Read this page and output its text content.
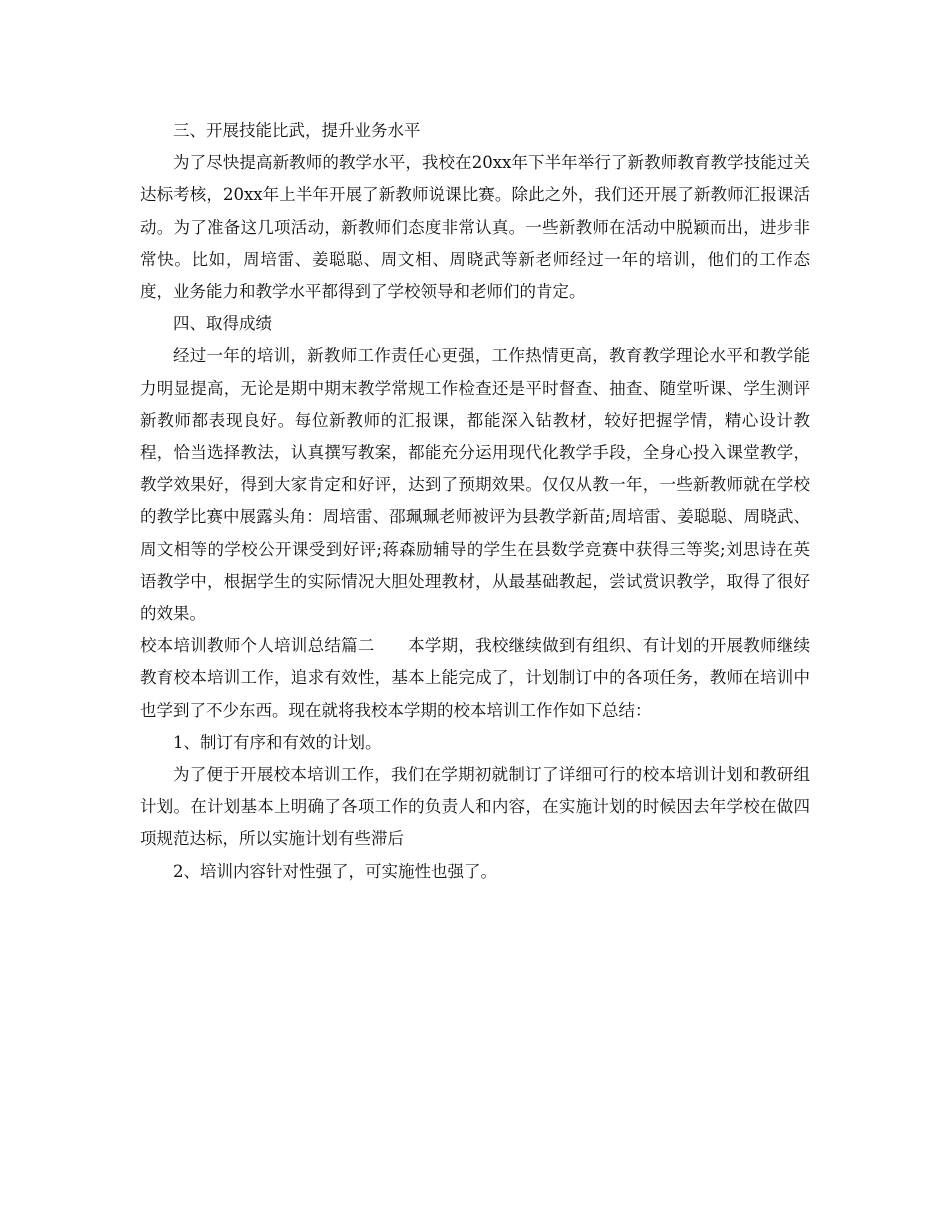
三、开展技能比武，提升业务水平

为了尽快提高新教师的教学水平，我校在20xx年下半年举行了新教师教育教学技能过关达标考核，20xx年上半年开展了新教师说课比赛。除此之外，我们还开展了新教师汇报课活动。为了准备这几项活动，新教师们态度非常认真。一些新教师在活动中脱颖而出，进步非常快。比如，周培雷、姜聪聪、周文相、周晓武等新老师经过一年的培训，他们的工作态度，业务能力和教学水平都得到了学校领导和老师们的肯定。

四、取得成绩

经过一年的培训，新教师工作责任心更强，工作热情更高，教育教学理论水平和教学能力明显提高，无论是期中期末教学常规工作检查还是平时督查、抽查、随堂听课、学生测评新教师都表现良好。每位新教师的汇报课，都能深入钻教材，较好把握学情，精心设计教程，恰当选择教法，认真撰写教案，都能充分运用现代化教学手段，全身心投入课堂教学，教学效果好，得到大家肯定和好评，达到了预期效果。仅仅从教一年，一些新教师就在学校的教学比赛中展露头角：周培雷、邵珮珮老师被评为县教学新苗;周培雷、姜聪聪、周晓武、周文相等的学校公开课受到好评;蒋森励辅导的学生在县数学竞赛中获得三等奖;刘思诗在英语教学中，根据学生的实际情况大胆处理教材，从最基础教起，尝试赏识教学，取得了很好的效果。

校本培训教师个人培训总结篇二　　本学期，我校继续做到有组织、有计划的开展教师继续教育校本培训工作，追求有效性，基本上能完成了，计划制订中的各项任务，教师在培训中也学到了不少东西。现在就将我校本学期的校本培训工作作如下总结：

1、制订有序和有效的计划。

为了便于开展校本培训工作，我们在学期初就制订了详细可行的校本培训计划和教研组计划。在计划基本上明确了各项工作的负责人和内容，在实施计划的时候因去年学校在做四项规范达标，所以实施计划有些滞后

2、培训内容针对性强了，可实施性也强了。
